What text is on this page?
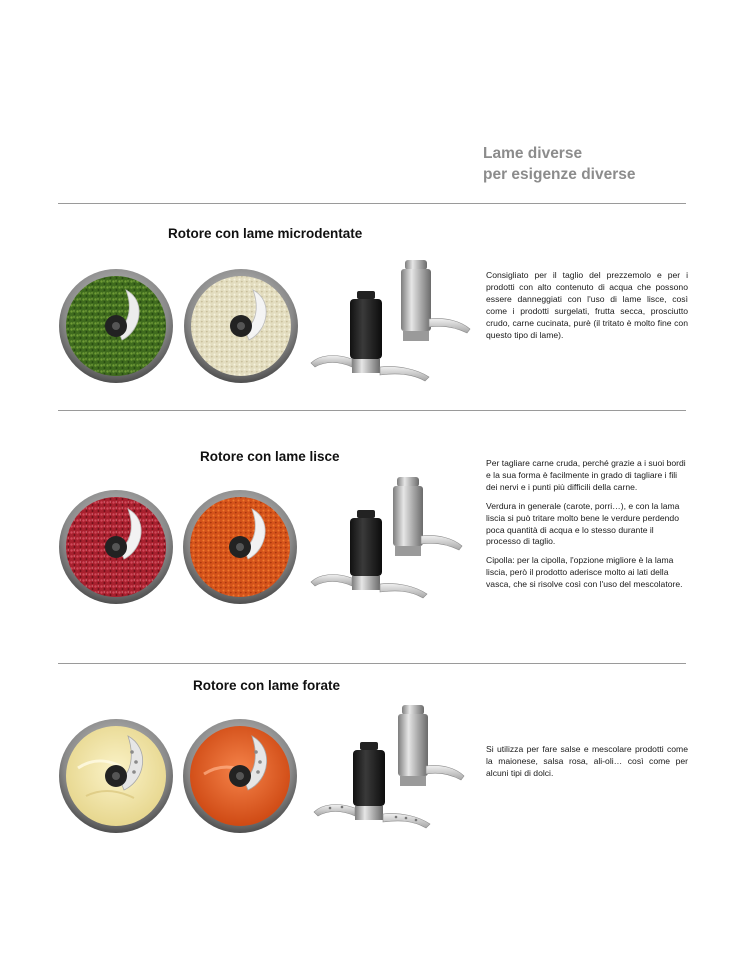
Lame diverse
per esigenze diverse
Rotore con lame microdentate

Consigliato per il taglio del prezzemolo e per i prodotti con alto contenuto di acqua che possono essere danneggiati con l'uso di lame lisce, così come i prodotti surgelati, frutta secca, prosciutto crudo, carne cucinata, purè (il tritato è molto fine con questo tipo di lame).

Rotore con lame lisce	Per tagliare carne cruda, perché grazie a i suoi bordi e la sua forma è facilmente in grado di tagliare i fili dei nervi e i punti più difficili della carne.

Verdura in generale (carote, porri…), e con la lama liscia si può tritare molto bene le verdure perdendo poca quantità di acqua e lo stesso durante il processo di taglio.

Cipolla: per la cipolla, l'opzione migliore è la lama liscia, però il prodotto aderisce molto ai lati della vasca, che si risolve così con l'uso del mescolatore.

Rotore con lame forate

Si utilizza per fare salse e mescolare prodotti come la maionese, salsa rosa, ali-oli… così come per alcuni tipi di dolci.
